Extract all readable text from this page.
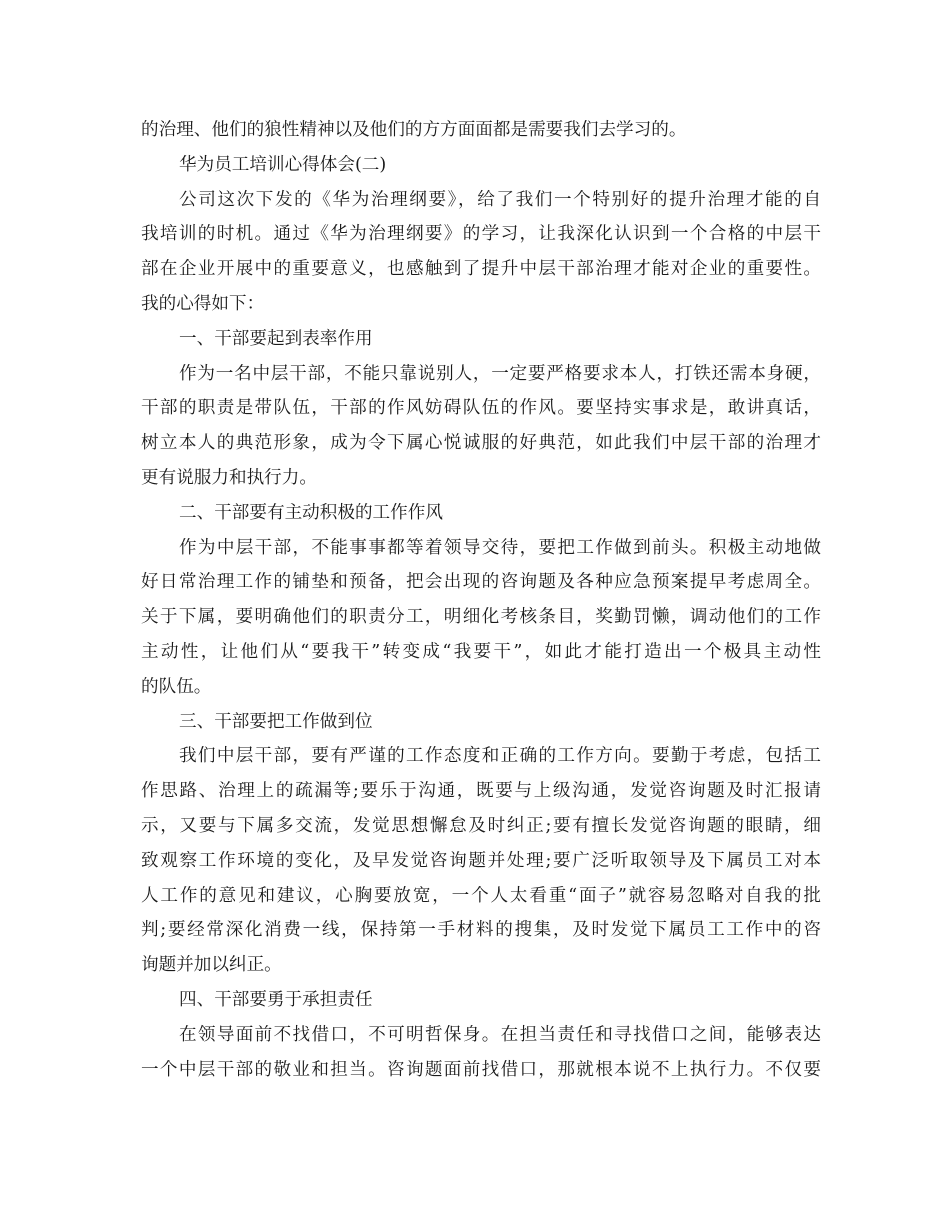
的治理、他们的狼性精神以及他们的方方面面都是需要我们去学习的。
华为员工培训心得体会(二)
公司这次下发的《华为治理纲要》，给了我们一个特别好的提升治理才能的自
我培训的时机。通过《华为治理纲要》的学习，让我深化认识到一个合格的中层干
部在企业开展中的重要意义，也感触到了提升中层干部治理才能对企业的重要性。
我的心得如下：
一、干部要起到表率作用
作为一名中层干部，不能只靠说别人，一定要严格要求本人，打铁还需本身硬，
干部的职责是带队伍，干部的作风妨碍队伍的作风。要坚持实事求是，敢讲真话，
树立本人的典范形象，成为令下属心悦诚服的好典范，如此我们中层干部的治理才
更有说服力和执行力。
二、干部要有主动积极的工作作风
作为中层干部，不能事事都等着领导交待，要把工作做到前头。积极主动地做
好日常治理工作的铺垫和预备，把会出现的咨询题及各种应急预案提早考虑周全。
关于下属，要明确他们的职责分工，明细化考核条目，奖勤罚懒，调动他们的工作
主动性，让他们从“要我干”转变成“我要干”，如此才能打造出一个极具主动性
的队伍。
三、干部要把工作做到位
我们中层干部，要有严谨的工作态度和正确的工作方向。要勤于考虑，包括工
作思路、治理上的疏漏等;要乐于沟通，既要与上级沟通，发觉咨询题及时汇报请
示，又要与下属多交流，发觉思想懈怠及时纠正;要有擅长发觉咨询题的眼睛，细
致观察工作环境的变化，及早发觉咨询题并处理;要广泛听取领导及下属员工对本
人工作的意见和建议，心胸要放宽，一个人太看重“面子”就容易忽略对自我的批
判;要经常深化消费一线，保持第一手材料的搜集，及时发觉下属员工工作中的咨
询题并加以纠正。
四、干部要勇于承担责任
在领导面前不找借口，不可明哲保身。在担当责任和寻找借口之间，能够表达
一个中层干部的敬业和担当。咨询题面前找借口，那就根本说不上执行力。不仅要
